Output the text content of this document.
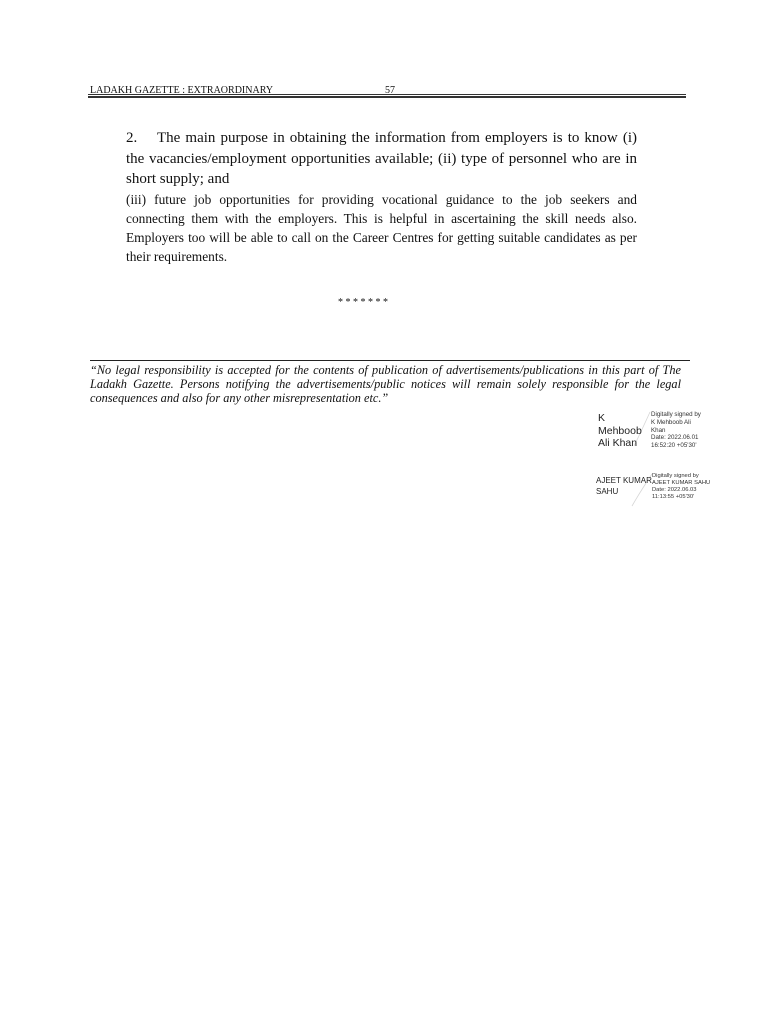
LADAKH GAZETTE : EXTRAORDINARY	57
2.	The main purpose in obtaining the information from employers is to know (i)
the vacancies/employment opportunities available; (ii) type of personnel who are in
short supply; and
(iii) future job opportunities for providing vocational guidance to the job seekers and
connecting them with the employers. This is helpful in ascertaining the skill needs also.
Employers too will be able to call on the Career Centres for getting suitable candidates as per
their requirements.
* * * * * * *
“No legal responsibility is accepted for the contents of publication of advertisements/publications in this part of The
Ladakh Gazette. Persons notifying the advertisements/public notices will remain solely responsible for the legal
consequences and also for any other misrepresentation etc.”
K
Mehboob
Ali Khan
Digitally signed by
K Mehboob Ali
Khan
Date: 2022.06.01
16:52:20 +05'30'
AJEET KUMAR
SAHU
Digitally signed by
AJEET KUMAR SAHU
Date: 2022.06.03
11:13:55 +05'30'
